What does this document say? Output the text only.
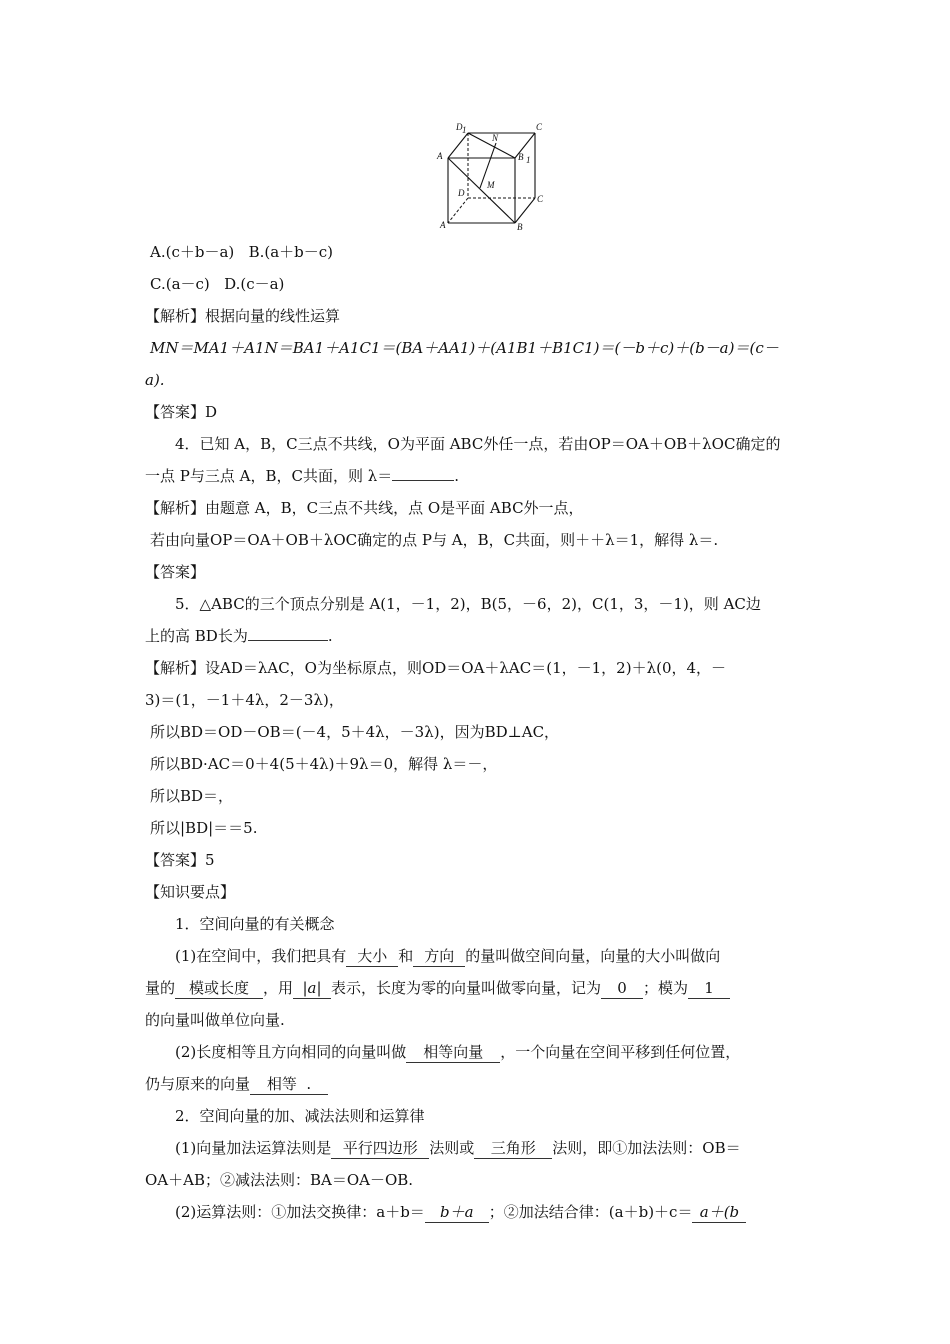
D 1
A
N
C
B 1
M
D
C
A	B
A.(c＋b－a) B.(a＋b－c)
C.(a－c) D.(c－a)
【解析】根据向量的线性运算
MN＝MA1＋A1N＝BA1＋A1C1＝(BA＋AA1)＋(A1B1＋B1C1)＝(－b＋c)＋(b－a)＝(c－
a).
【答案】D
4．已知 A，B，C三点不共线，O为平面 ABC外任一点，若由OP＝OA＋OB＋λOC确定的
一点 P与三点 A，B，C共面，则 λ＝	.
【解析】由题意 A，B，C三点不共线，点 O是平面 ABC外一点，
若由向量OP＝OA＋OB＋λOC确定的点 P与 A，B，C共面，则＋＋λ＝1，解得 λ＝.
【答案】
5．△ABC的三个顶点分别是 A(1，－1，2)，B(5，－6，2)，C(1，3，－1)，则 AC边
上的高 BD长为	.
【解析】设AD＝λAC，O为坐标原点，则OD＝OA＋λAC＝(1，－1，2)＋λ(0，4，－
3)＝(1，－1＋4λ，2－3λ)，
所以BD＝OD－OB＝(－4，5＋4λ，－3λ)，因为BD⊥AC，
所以BD·AC＝0＋4(5＋4λ)＋9λ＝0，解得 λ＝－，
所以BD＝，
所以|BD|＝＝5.
【答案】5
【知识要点】
1．空间向量的有关概念
(1)在空间中，我们把具有 大小 和 方向 的量叫做空间向量，向量的大小叫做向
量的 模或长度 ，用 |a| 表示，长度为零的向量叫做零向量，记为 0 ；模为 1
的向量叫做单位向量.
(2)长度相等且方向相同的向量叫做 相等向量 ，一个向量在空间平移到任何位置，
仍与原来的向量 相等 .
2．空间向量的加、减法法则和运算律
(1)向量加法运算法则是 平行四边形 法则或 三角形 法则，即①加法法则：OB＝
OA＋AB；②减法法则：BA＝OA－OB.
(2)运算法则：①加法交换律：a＋b＝ b＋a ；②加法结合律：(a＋b)＋c＝ a＋(b
